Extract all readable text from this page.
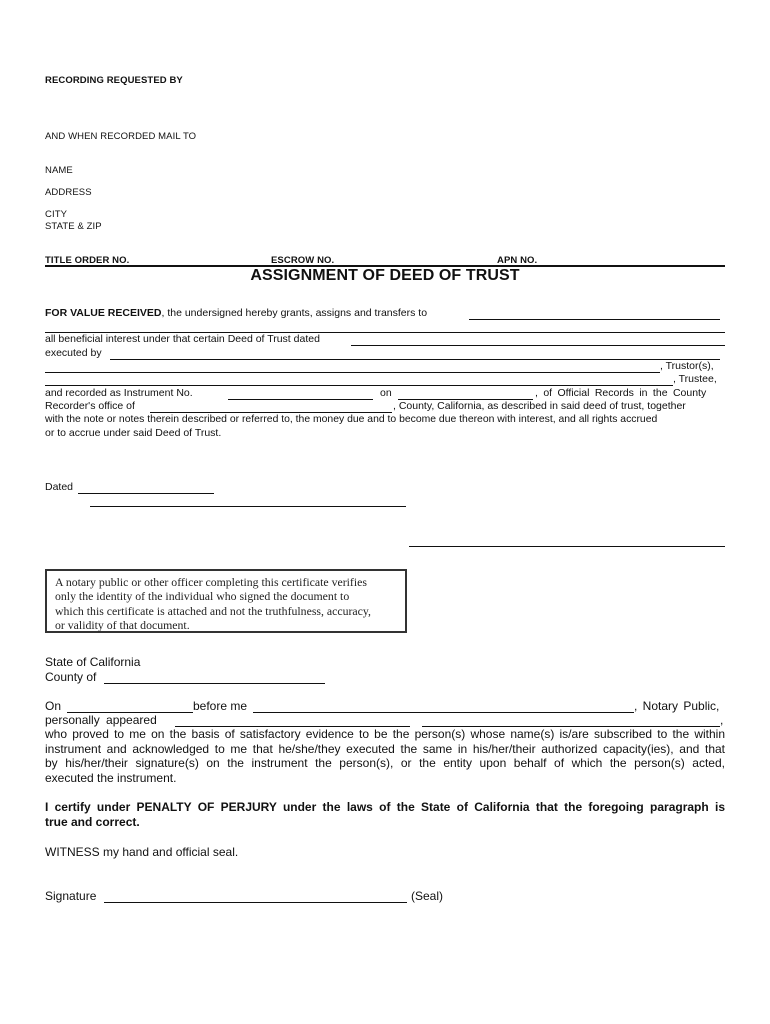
RECORDING REQUESTED BY
AND WHEN RECORDED MAIL TO
NAME
ADDRESS
CITY
STATE & ZIP
TITLE ORDER NO.	ESCROW NO.	APN NO.
ASSIGNMENT OF DEED OF TRUST
FOR VALUE RECEIVED, the undersigned hereby grants, assigns and transfers to
all beneficial interest under that certain Deed of Trust dated
executed by
, Trustor(s),
, Trustee,
and recorded as Instrument No.	on	, of Official Records in the County
Recorder's office of	, County, California, as described in said deed of trust, together
with the note or notes therein described or referred to, the money due and to become due thereon with interest, and all rights accrued
or to accrue under said Deed of Trust.
Dated
A notary public or other officer completing this certificate verifies
only the identity of the individual who signed the document to
which this certificate is attached and not the truthfulness, accuracy,
or validity of that document.
State of California
County of
On	before me	, Notary Public,
personally appeared	,
who proved to me on the basis of satisfactory evidence to be the person(s) whose name(s) is/are subscribed to the within
instrument and acknowledged to me that he/she/they executed the same in his/her/their authorized capacity(ies), and that
by his/her/their signature(s) on the instrument the person(s), or the entity upon behalf of which the person(s) acted,
executed the instrument.
I certify under PENALTY OF PERJURY under the laws of the State of California that the foregoing paragraph is
true and correct.
WITNESS my hand and official seal.
Signature	(Seal)
